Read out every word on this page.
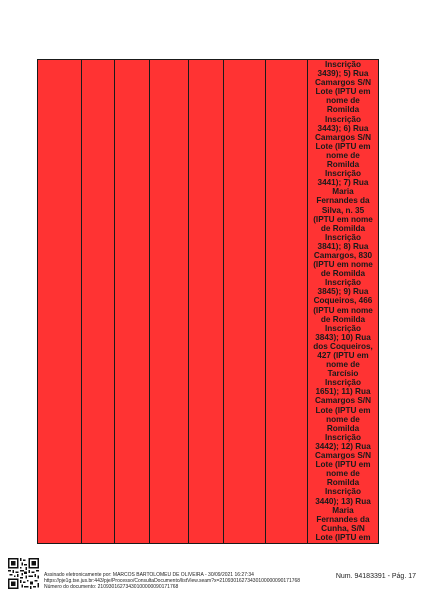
Inscrição
3439); 5) Rua
Camargos S/N
Lote (IPTU em
nome de
Romilda
Inscrição
3443); 6) Rua
Camargos S/N
Lote (IPTU em
nome de
Romilda
Inscrição
3441); 7) Rua
Maria
Fernandes da
Silva, n. 35
(IPTU em nome
de Romilda
Inscrição
3841); 8) Rua
Camargos, 830
(IPTU em nome
de Romilda
Inscrição
3845); 9) Rua
Coqueiros, 466
(IPTU em nome
de Romilda
Inscrição
3843); 10) Rua
dos Coqueiros,
427 (IPTU em
nome de
Tarcísio
Inscrição
1651); 11) Rua
Camargos S/N
Lote (IPTU em
nome de
Romilda
Inscrição
3442); 12) Rua
Camargos S/N
Lote (IPTU em
nome de
Romilda
Inscrição
3440); 13) Rua
Maria
Fernandes da
Cunha, S/N
Lote (IPTU em
Assinado eletronicamente por: MARCOS BARTOLOMEU DE OLIVEIRA - 30/09/2021 16:27:34
https://pje1g.tse.jus.br:443/pje/Processo/ConsultaDocumento/listView.seam?x=21093016273430100000090171768
Número do documento: 21093016273430100000090171768
Num. 94183391 - Pág. 17
